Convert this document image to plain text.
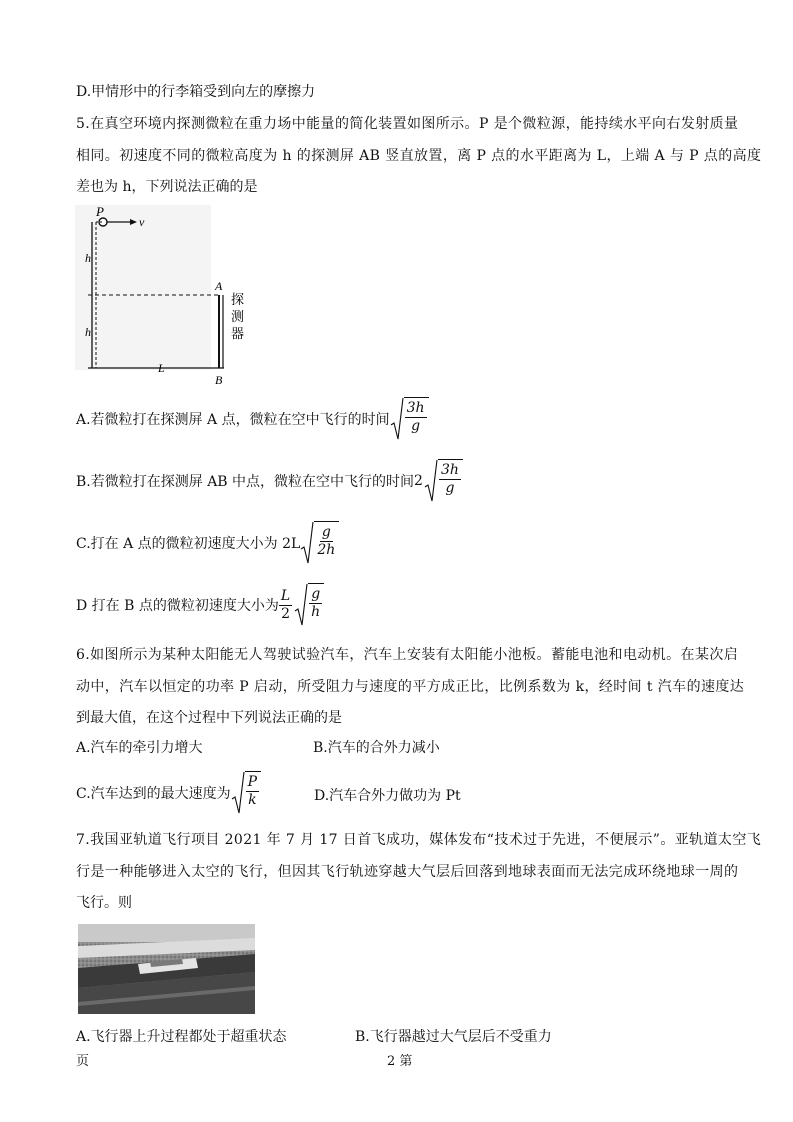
D.甲情形中的行李箱受到向左的摩擦力
5.在真空环境内探测微粒在重力场中能量的简化装置如图所示。P 是个微粒源，能持续水平向右发射质量
相同。初速度不同的微粒高度为 h 的探测屏 AB 竖直放置，离 P 点的水平距离为 L，上端 A 与 P 点的高度
差也为 h，下列说法正确的是
P
v
A
B
h
h
L
探测器
A.若微粒打在探测屏 A 点，微粒在空中飞行的时间 $\frac{3h}{g}$
B.若微粒打在探测屏 AB 中点，微粒在空中飞行的时间 $2 \frac{3h}{g}$
C.打在 A 点的微粒初速度大小为 $2L \frac{g}{2h}$
D 打在 B 点的微粒初速度大小为 $\frac{L}{2} \frac{g}{h}$
6.如图所示为某种太阳能无人驾驶试验汽车，汽车上安装有太阳能小池板。蓄能电池和电动机。在某次启
动中，汽车以恒定的功率 P 启动，所受阻力与速度的平方成正比，比例系数为 k，经时间 t 汽车的速度达
到最大值，在这个过程中下列说法正确的是
A.汽车的牵引力增大	B.汽车的合外力减小
C.汽车达到的最大速度为 $\frac{P}{k}$	D.汽车合外力做功为 Pt
7.我国亚轨道飞行项目 2021 年 7 月 17 日首飞成功，媒体发布“技术过于先进，不便展示”。亚轨道太空飞
行是一种能够进入太空的飞行，但因其飞行轨迹穿越大气层后回落到地球表面而无法完成环绕地球一周的
飞行。则
A.飞行器上升过程都处于超重状态	B.飞行器越过大气层后不受重力
页	2 第
